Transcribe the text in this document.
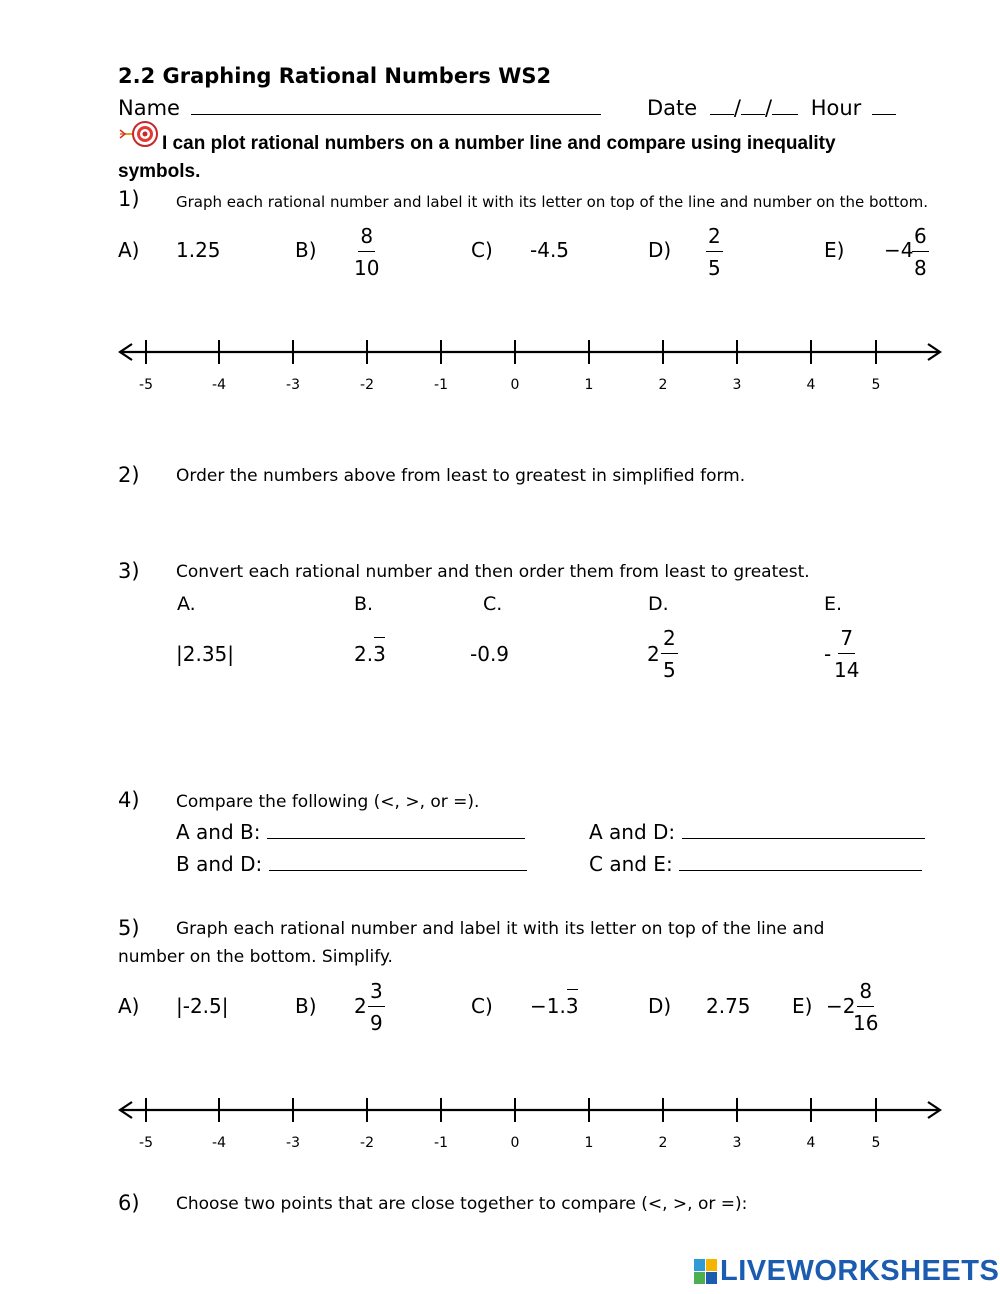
2.2 Graphing Rational Numbers WS2
Name	Date / / Hour
I can plot rational numbers on a number line and compare using inequality symbols.
1) Graph each rational number and label it with its letter on top of the line and number on the bottom.
A) 1.25	$B) \frac{8}{10}$	C) -4.5	$D) \frac{2}{5}$	E) −4
$\frac{6}{8}$
-5	-4	-3	-2	-1	0	1	2	3	4	5
2) Order the numbers above from least to greatest in simplified form.
3) Convert each rational number and then order them from least to greatest.
A.	B.	C.	D.	E.
|2.35|	2.3	-0.9	$2 \frac{2}{5}$	- $\frac{7}{14}$
4) Compare the following (<, >, or =).
A and B:	A and D:
B and D:	C and E:
5) Graph each rational number and label it with its letter on top of the line and
number on the bottom. Simplify.
A) |-2.5|	B) $2 \frac{3}{9}$	C) −1.3	D) 2.75 E) −2
$\frac{8}{16}$
-5	-4	-3	-2	-1	0	1	2	3	4	5
6) Choose two points that are close together to compare (<, >, or =):
LIVEWORKSHEETS
